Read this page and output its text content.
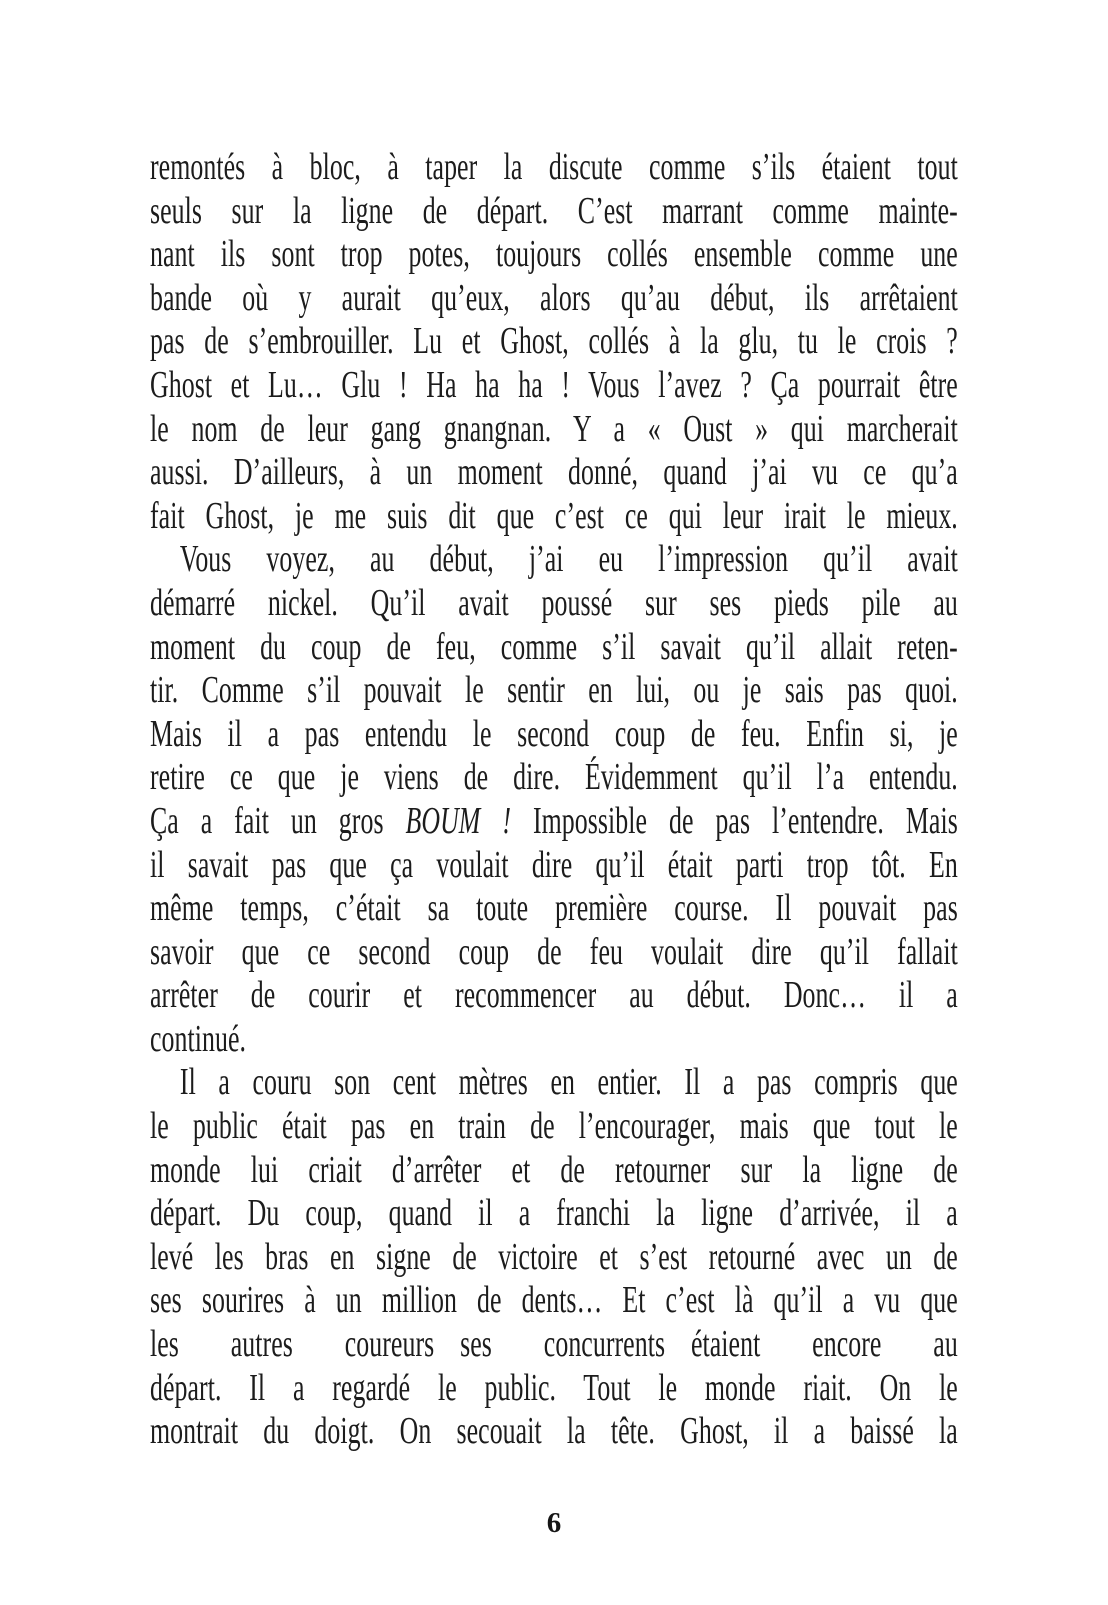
remontés à bloc, à taper la discute comme s’ils étaient tout
seuls sur la ligne de départ. C’est marrant comme mainte-
nant ils sont trop potes, toujours collés ensemble comme une
bande où y aurait qu’eux, alors qu’au début, ils arrêtaient
pas de s’embrouiller. Lu et Ghost, collés à la glu, tu le crois ?
Ghost et Lu… Glu ! Ha ha ha ! Vous l’avez ? Ça pourrait être
le nom de leur gang gnangnan. Y a « Oust » qui marcherait
aussi. D’ailleurs, à un moment donné, quand j’ai vu ce qu’a
fait Ghost, je me suis dit que c’est ce qui leur irait le mieux.
Vous voyez, au début, j’ai eu l’impression qu’il avait
démarré nickel. Qu’il avait poussé sur ses pieds pile au
moment du coup de feu, comme s’il savait qu’il allait reten-
tir. Comme s’il pouvait le sentir en lui, ou je sais pas quoi.
Mais il a pas entendu le second coup de feu. Enfin si, je
retire ce que je viens de dire. Évidemment qu’il l’a entendu.
Ça a fait un gros BOUM ! Impossible de pas l’entendre. Mais
il savait pas que ça voulait dire qu’il était parti trop tôt. En
même temps, c’était sa toute première course. Il pouvait pas
savoir que ce second coup de feu voulait dire qu’il fallait
arrêter de courir et recommencer au début. Donc… il a
continué.
Il a couru son cent mètres en entier. Il a pas compris que
le public était pas en train de l’encourager, mais que tout le
monde lui criait d’arrêter et de retourner sur la ligne de
départ. Du coup, quand il a franchi la ligne d’arrivée, il a
levé les bras en signe de victoire et s’est retourné avec un de
ses sourires à un million de dents… Et c’est là qu’il a vu que
les autres coureurs ses concurrents étaient encore au
départ. Il a regardé le public. Tout le monde riait. On le
montrait du doigt. On secouait la tête. Ghost, il a baissé la
6
